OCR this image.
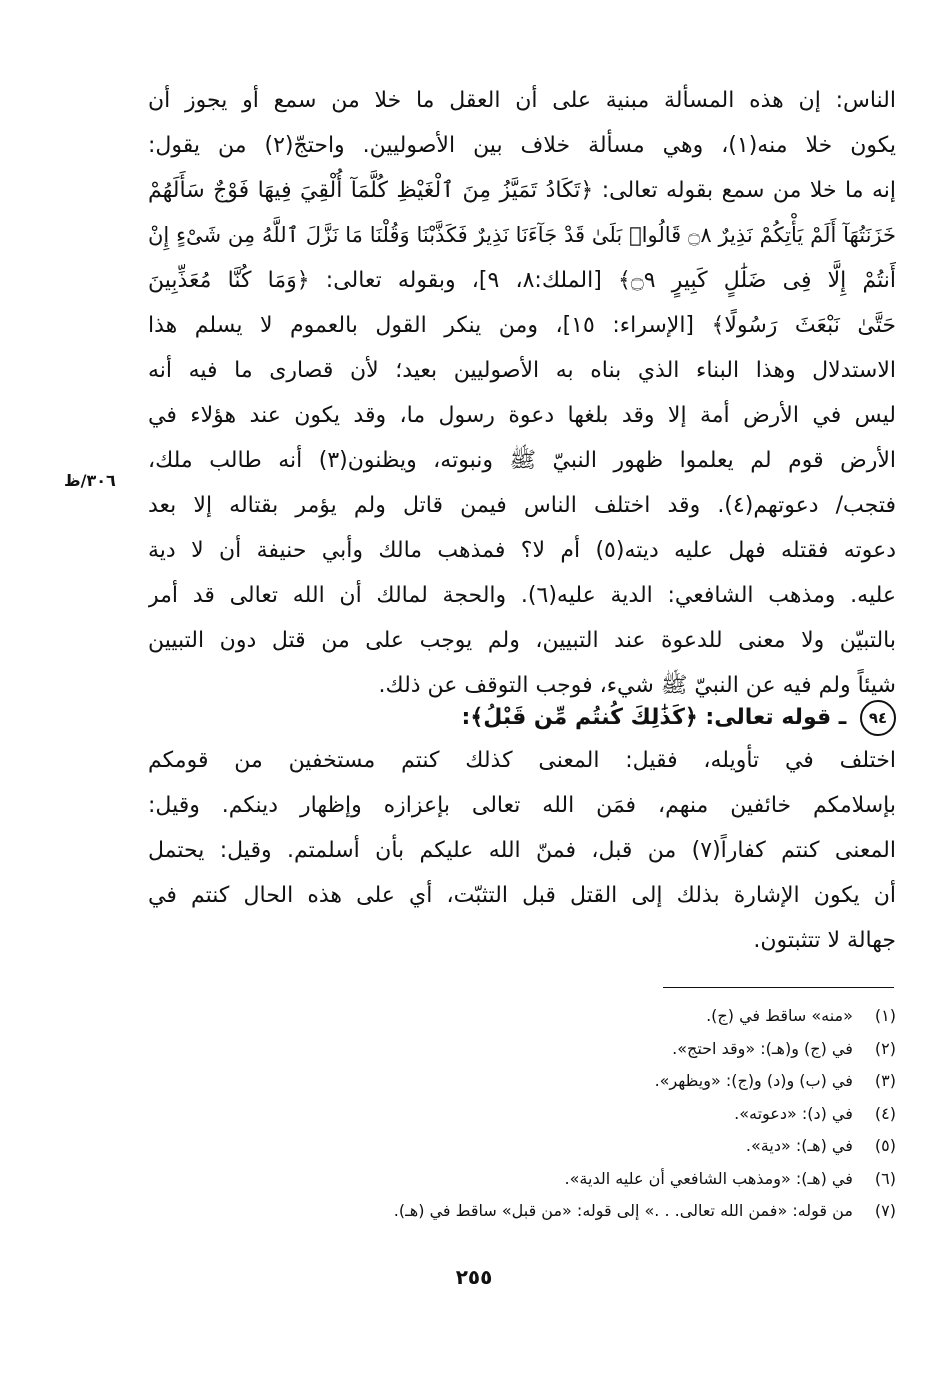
الناس: إن هذه المسألة مبنية على أن العقل ما خلا من سمع أو يجوز أن
يكون خلا منه(١)، وهي مسألة خلاف بين الأصوليين. واحتجّ(٢) من يقول:
إنه ما خلا من سمع بقوله تعالى: ﴿تَكَادُ تَمَيَّزُ مِنَ ٱلْغَيْظِ كُلَّمَآ أُلْقِيَ فِيهَا فَوْجٌ سَأَلَهُمْ
خَزَنَتُهَآ أَلَمْ يَأْتِكُمْ نَذِيرٌ ۝٨ قَالُوا۟ بَلَىٰ قَدْ جَآءَنَا نَذِيرٌ فَكَذَّبْنَا وَقُلْنَا مَا نَزَّلَ ٱللَّهُ مِن شَىْءٍ إِنْ
أَنتُمْ إِلَّا فِى ضَلَٰلٍ كَبِيرٍ ۝٩﴾ [الملك:٨، ٩]، وبقوله تعالى: ﴿وَمَا كُنَّا مُعَذِّبِينَ
حَتَّىٰ نَبْعَثَ رَسُولًا﴾ [الإسراء: ١٥]، ومن ينكر القول بالعموم لا يسلم هذا
الاستدلال وهذا البناء الذي بناه به الأصوليين بعيد؛ لأن قصارى ما فيه أنه
ليس في الأرض أمة إلا وقد بلغها دعوة رسول ما، وقد يكون عند هؤلاء في
الأرض قوم لم يعلموا ظهور النبيّ ﷺ ونبوته، ويظنون(٣) أنه طالب ملك،
فتجب/ دعوتهم(٤). وقد اختلف الناس فيمن قاتل ولم يؤمر بقتاله إلا بعد
دعوته فقتله فهل عليه ديته(٥) أم لا؟ فمذهب مالك وأبي حنيفة أن لا دية
عليه. ومذهب الشافعي: الدية عليه(٦). والحجة لمالك أن الله تعالى قد أمر
بالتبيّن ولا معنى للدعوة عند التبيين، ولم يوجب على من قتل دون التبيين
شيئاً ولم فيه عن النبيّ ﷺ شيء، فوجب التوقف عن ذلك.
٣٠٦/ظ
٩٤ ـ قوله تعالى: ﴿كَذَٰلِكَ كُنتُم مِّن قَبْلُ﴾:
اختلف في تأويله، فقيل: المعنى كذلك كنتم مستخفين من قومكم
بإسلامكم خائفين منهم، فمَن الله تعالى بإعزازه وإظهار دينكم. وقيل:
المعنى كنتم كفاراً(٧) من قبل، فمنّ الله عليكم بأن أسلمتم. وقيل: يحتمل
أن يكون الإشارة بذلك إلى القتل قبل التثبّت، أي على هذه الحال كنتم في
جهالة لا تتثبتون.
(١) «منه» ساقط في (ج).
(٢) في (ج) و(هـ): «وقد احتج».
(٣) في (ب) و(د) و(ج): «ويظهر».
(٤) في (د): «دعوته».
(٥) في (هـ): «دية».
(٦) في (هـ): «ومذهب الشافعي أن عليه الدية».
(٧) من قوله: «فمن الله تعالى. . .» إلى قوله: «من قبل» ساقط في (هـ).
٢٥٥
